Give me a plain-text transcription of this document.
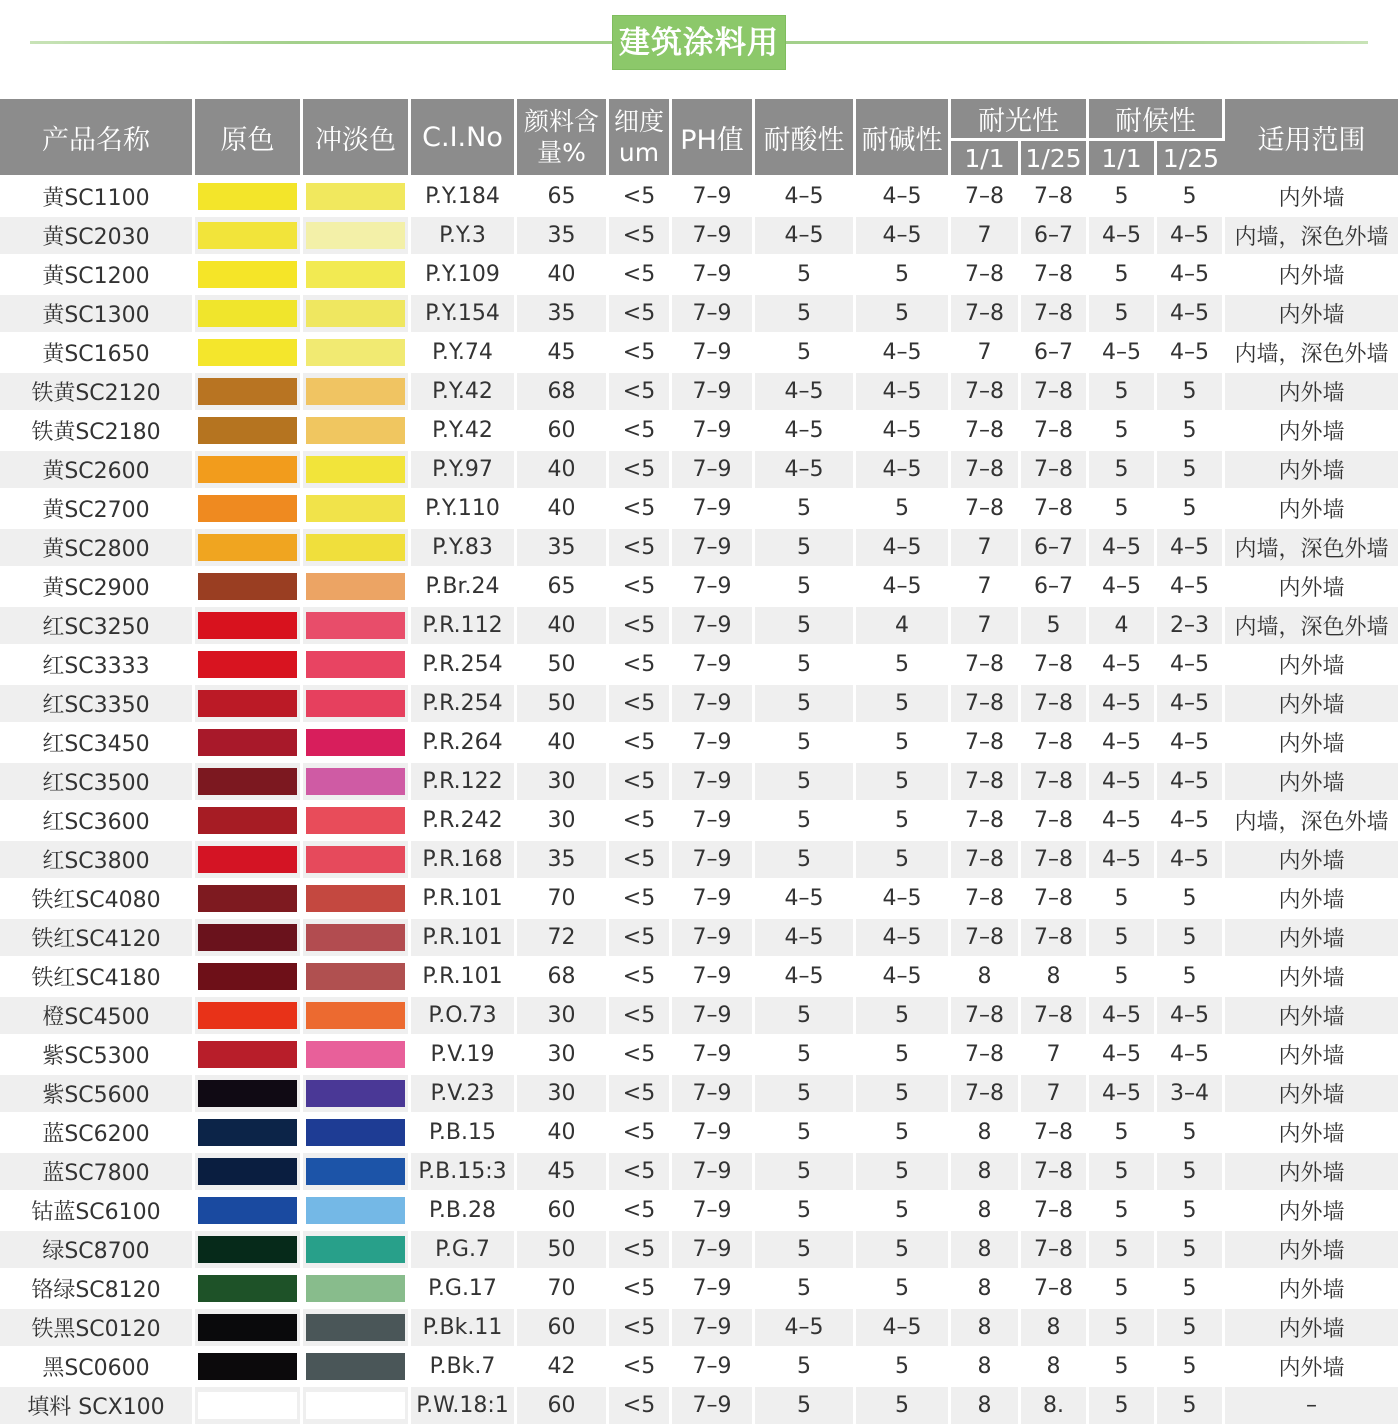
建筑涂料用
产品名称	原色	冲淡色	C.I.No	颜料含量%	细度um	PH值	耐酸性	耐碱性	耐光性		耐候性		适用范围
									1/1	1/25	1/1	1/25	
黄SC1100			P.Y.184	65	<5	7–9	4–5	4–5	7–8	7–8	5	5	内外墙
黄SC2030			P.Y.3	35	<5	7–9	4–5	4–5	7	6–7	4–5	4–5	内墙，深色外墙
黄SC1200			P.Y.109	40	<5	7–9	5	5	7–8	7–8	5	4–5	内外墙
黄SC1300			P.Y.154	35	<5	7–9	5	5	7–8	7–8	5	4–5	内外墙
黄SC1650			P.Y.74	45	<5	7–9	5	4–5	7	6–7	4–5	4–5	内墙，深色外墙
铁黄SC2120			P.Y.42	68	<5	7–9	4–5	4–5	7–8	7–8	5	5	内外墙
铁黄SC2180			P.Y.42	60	<5	7–9	4–5	4–5	7–8	7–8	5	5	内外墙
黄SC2600			P.Y.97	40	<5	7–9	4–5	4–5	7–8	7–8	5	5	内外墙
黄SC2700			P.Y.110	40	<5	7–9	5	5	7–8	7–8	5	5	内外墙
黄SC2800			P.Y.83	35	<5	7–9	5	4–5	7	6–7	4–5	4–5	内墙，深色外墙
黄SC2900			P.Br.24	65	<5	7–9	5	4–5	7	6–7	4–5	4–5	内外墙
红SC3250			P.R.112	40	<5	7–9	5	4	7	5	4	2–3	内墙，深色外墙
红SC3333			P.R.254	50	<5	7–9	5	5	7–8	7–8	4–5	4–5	内外墙
红SC3350			P.R.254	50	<5	7–9	5	5	7–8	7–8	4–5	4–5	内外墙
红SC3450			P.R.264	40	<5	7–9	5	5	7–8	7–8	4–5	4–5	内外墙
红SC3500			P.R.122	30	<5	7–9	5	5	7–8	7–8	4–5	4–5	内外墙
红SC3600			P.R.242	30	<5	7–9	5	5	7–8	7–8	4–5	4–5	内墙，深色外墙
红SC3800			P.R.168	35	<5	7–9	5	5	7–8	7–8	4–5	4–5	内外墙
铁红SC4080			P.R.101	70	<5	7–9	4–5	4–5	7–8	7–8	5	5	内外墙
铁红SC4120			P.R.101	72	<5	7–9	4–5	4–5	7–8	7–8	5	5	内外墙
铁红SC4180			P.R.101	68	<5	7–9	4–5	4–5	8	8	5	5	内外墙
橙SC4500			P.O.73	30	<5	7–9	5	5	7–8	7–8	4–5	4–5	内外墙
紫SC5300			P.V.19	30	<5	7–9	5	5	7–8	7	4–5	4–5	内外墙
紫SC5600			P.V.23	30	<5	7–9	5	5	7–8	7	4–5	3–4	内外墙
蓝SC6200			P.B.15	40	<5	7–9	5	5	8	7–8	5	5	内外墙
蓝SC7800			P.B.15:3	45	<5	7–9	5	5	8	7–8	5	5	内外墙
钴蓝SC6100			P.B.28	60	<5	7–9	5	5	8	7–8	5	5	内外墙
绿SC8700			P.G.7	50	<5	7–9	5	5	8	7–8	5	5	内外墙
铬绿SC8120			P.G.17	70	<5	7–9	5	5	8	7–8	5	5	内外墙
铁黑SC0120			P.Bk.11	60	<5	7–9	4–5	4–5	8	8	5	5	内外墙
黑SC0600			P.Bk.7	42	<5	7–9	5	5	8	8	5	5	内外墙
填料 SCX100			P.W.18:1	60	<5	7–9	5	5	8	8.	5	5	–
